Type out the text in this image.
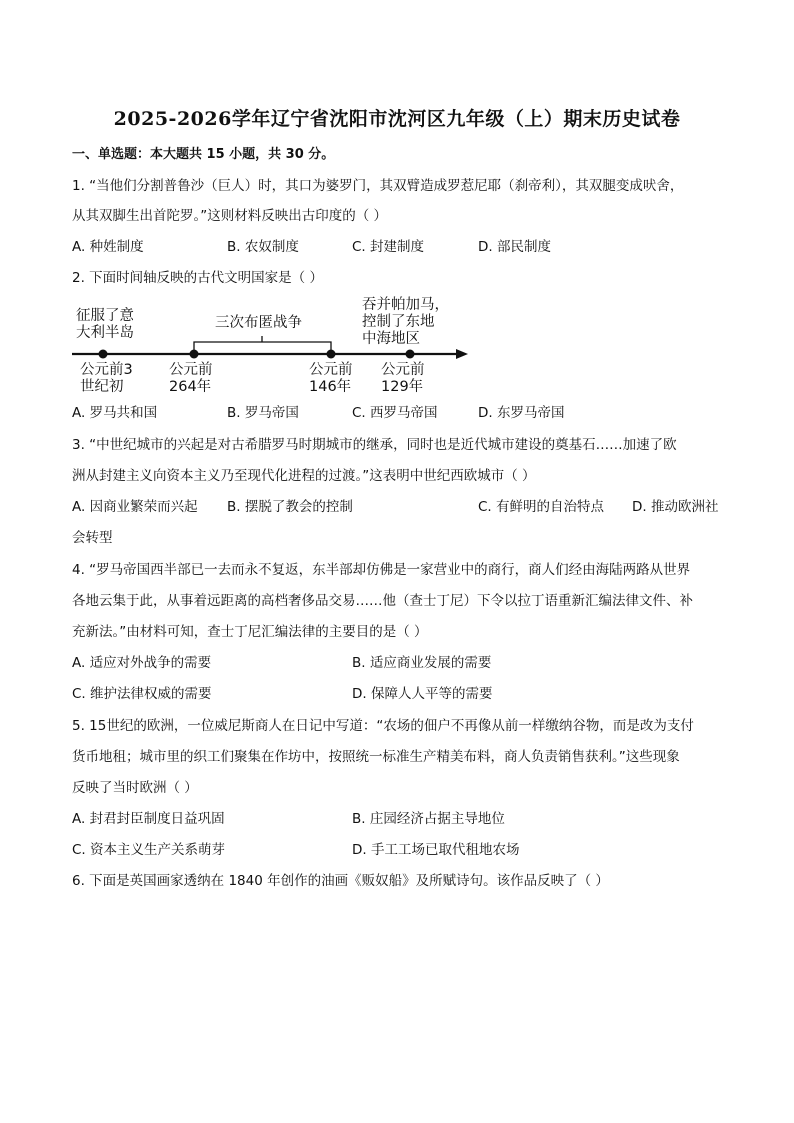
2025-2026学年辽宁省沈阳市沈河区九年级（上）期末历史试卷
一、单选题：本大题共 15 小题，共 30 分。
1. “当他们分割普鲁沙（巨人）时，其口为婆罗门，其双臂造成罗惹尼耶（刹帝利），其双腿变成吠舍，
从其双脚生出首陀罗。”这则材料反映出古印度的（ ）
A. 种姓制度	B. 农奴制度	C. 封建制度	D. 部民制度
2. 下面时间轴反映的古代文明国家是（ ）
征服了意
大利半岛
三次布匿战争
吞并帕加马，
控制了东地
中海地区
公元前3
世纪初
公元前
264年
公元前
146年
公元前
129年
A. 罗马共和国	B. 罗马帝国	C. 西罗马帝国	D. 东罗马帝国
3. “中世纪城市的兴起是对古希腊罗马时期城市的继承，同时也是近代城市建设的奠基石……加速了欧
洲从封建主义向资本主义乃至现代化进程的过渡。”这表明中世纪西欧城市（ ）
A. 因商业繁荣而兴起 B. 摆脱了教会的控制	C. 有鲜明的自治特点 D. 推动欧洲社
会转型
4. “罗马帝国西半部已一去而永不复返，东半部却仿佛是一家营业中的商行，商人们经由海陆两路从世界
各地云集于此，从事着远距离的高档奢侈品交易……他（查士丁尼）下令以拉丁语重新汇编法律文件、补
充新法。”由材料可知，查士丁尼汇编法律的主要目的是（ ）
A. 适应对外战争的需要	B. 适应商业发展的需要
C. 维护法律权威的需要	D. 保障人人平等的需要
5. 15世纪的欧洲，一位威尼斯商人在日记中写道：“农场的佃户不再像从前一样缴纳谷物，而是改为支付
货币地租；城市里的织工们聚集在作坊中，按照统一标准生产精美布料，商人负责销售获利。”这些现象
反映了当时欧洲（ ）
A. 封君封臣制度日益巩固	B. 庄园经济占据主导地位
C. 资本主义生产关系萌芽	D. 手工工场已取代租地农场
6. 下面是英国画家透纳在 1840 年创作的油画《贩奴船》及所赋诗句。该作品反映了（ ）
